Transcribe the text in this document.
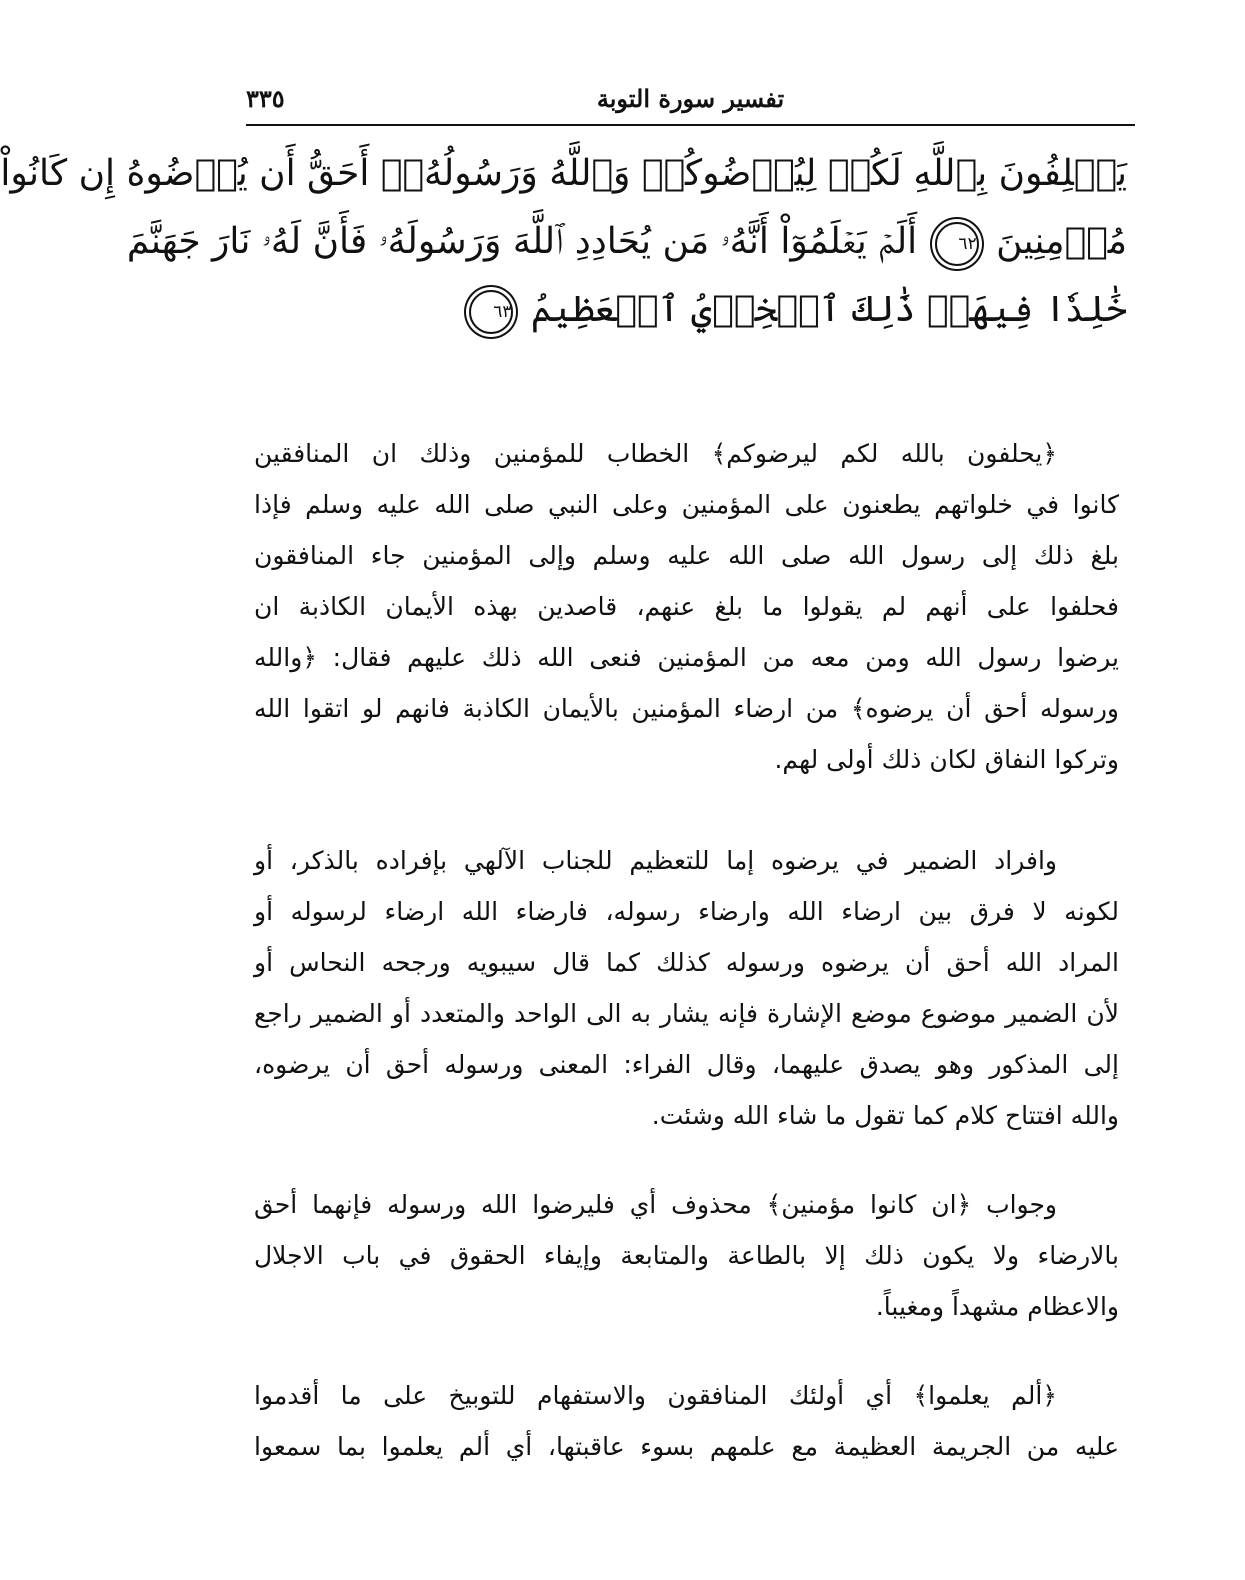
تفسير سورة التوبة
٣٣٥
يَحۡلِفُونَ بِٱللَّهِ لَكُمۡ لِيُرۡضُوكُمۡ وَٱللَّهُ وَرَسُولُهُۥٓ أَحَقُّ أَن يُرۡضُوهُ إِن كَانُواْ
مُؤۡمِنِينَ ٦٢ أَلَمۡ يَعۡلَمُوٓاْ أَنَّهُۥ مَن يُحَادِدِ ٱللَّهَ وَرَسُولَهُۥ فَأَنَّ لَهُۥ نَارَ جَهَنَّمَ
خَٰلِدٗا فِيهَاۚ ذَٰلِكَ ٱلۡخِزۡيُ ٱلۡعَظِيمُ ٦٣
﴿يحلفون بالله لكم ليرضوكم﴾ الخطاب للمؤمنين وذلك ان المنافقين
كانوا في خلواتهم يطعنون على المؤمنين وعلى النبي صلى الله عليه وسلم فإذا
بلغ ذلك إلى رسول الله صلى الله عليه وسلم وإلى المؤمنين جاء المنافقون
فحلفوا على أنهم لم يقولوا ما بلغ عنهم، قاصدين بهذه الأيمان الكاذبة ان
يرضوا رسول الله ومن معه من المؤمنين فنعى الله ذلك عليهم فقال: ﴿والله
ورسوله أحق أن يرضوه﴾ من ارضاء المؤمنين بالأيمان الكاذبة فانهم لو اتقوا الله
وتركوا النفاق لكان ذلك أولى لهم.
وافراد الضمير في يرضوه إما للتعظيم للجناب الآلهي بإفراده بالذكر، أو
لكونه لا فرق بين ارضاء الله وارضاء رسوله، فارضاء الله ارضاء لرسوله أو
المراد الله أحق أن يرضوه ورسوله كذلك كما قال سيبويه ورجحه النحاس أو
لأن الضمير موضوع موضع الإشارة فإنه يشار به الى الواحد والمتعدد أو الضمير راجع
إلى المذكور وهو يصدق عليهما، وقال الفراء: المعنى ورسوله أحق أن يرضوه،
والله افتتاح كلام كما تقول ما شاء الله وشئت.
وجواب ﴿ان كانوا مؤمنين﴾ محذوف أي فليرضوا الله ورسوله فإنهما أحق
بالارضاء ولا يكون ذلك إلا بالطاعة والمتابعة وإيفاء الحقوق في باب الاجلال
والاعظام مشهداً ومغيباً.
﴿ألم يعلموا﴾ أي أولئك المنافقون والاستفهام للتوبيخ على ما أقدموا
عليه من الجريمة العظيمة مع علمهم بسوء عاقبتها، أي ألم يعلموا بما سمعوا
